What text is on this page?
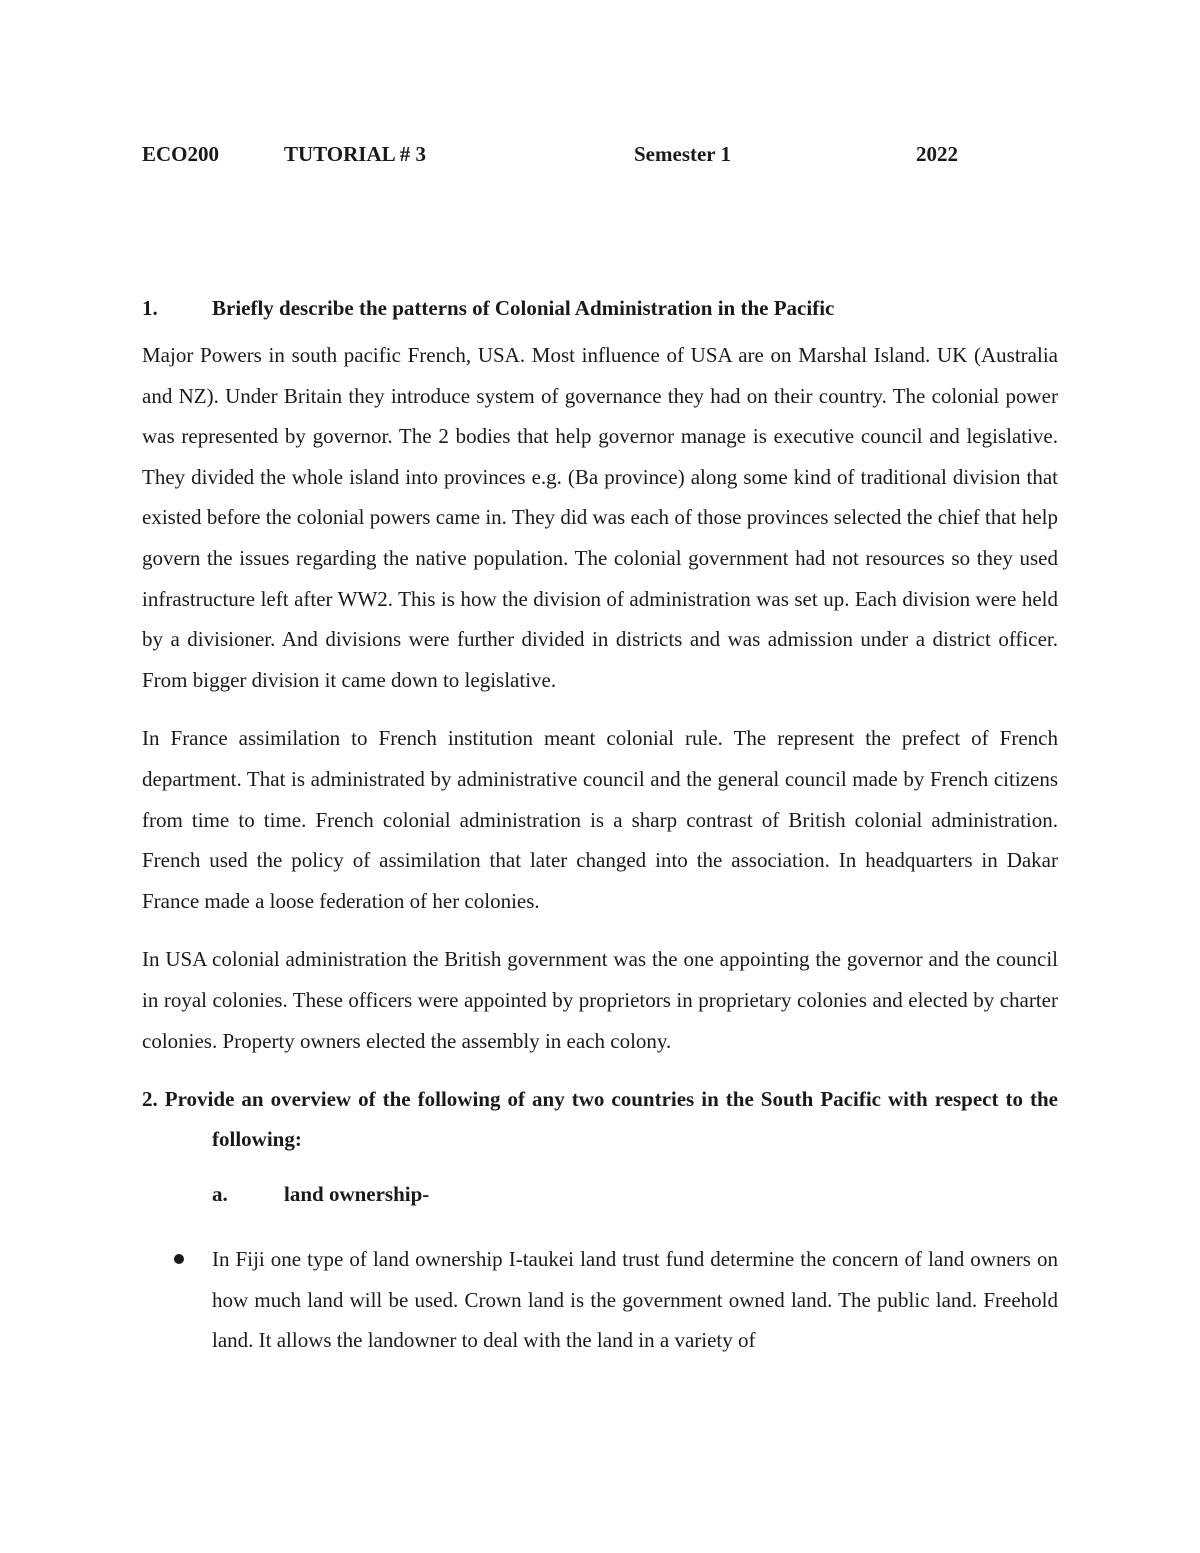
ECO200	TUTORIAL # 3	Semester 1	2022
1.	Briefly describe the patterns of Colonial Administration in the Pacific

Major Powers in south pacific French, USA. Most influence of USA are on Marshal Island. UK (Australia and NZ). Under Britain they introduce system of governance they had on their country. The colonial power was represented by governor. The 2 bodies that help governor manage is executive council and legislative. They divided the whole island into provinces e.g. (Ba province) along some kind of traditional division that existed before the colonial powers came in. They did was each of those provinces selected the chief that help govern the issues regarding the native population. The colonial government had not resources so they used infrastructure left after WW2. This is how the division of administration was set up. Each division were held by a divisioner. And divisions were further divided in districts and was admission under a district officer. From bigger division it came down to legislative.

In France assimilation to French institution meant colonial rule. The represent the prefect of French department. That is administrated by administrative council and the general council made by French citizens from time to time. French colonial administration is a sharp contrast of British colonial administration. French used the policy of assimilation that later changed into the association. In headquarters in Dakar France made a loose federation of her colonies.

In USA colonial administration the British government was the one appointing the governor and the council in royal colonies. These officers were appointed by proprietors in proprietary colonies and elected by charter colonies. Property owners elected the assembly in each colony.

2. Provide an overview of the following of any two countries in the South Pacific with respect to the following:

a.	land ownership-
In Fiji one type of land ownership I-taukei land trust fund determine the concern of land owners on how much land will be used. Crown land is the government owned land. The public land. Freehold land. It allows the landowner to deal with the land in a variety of
